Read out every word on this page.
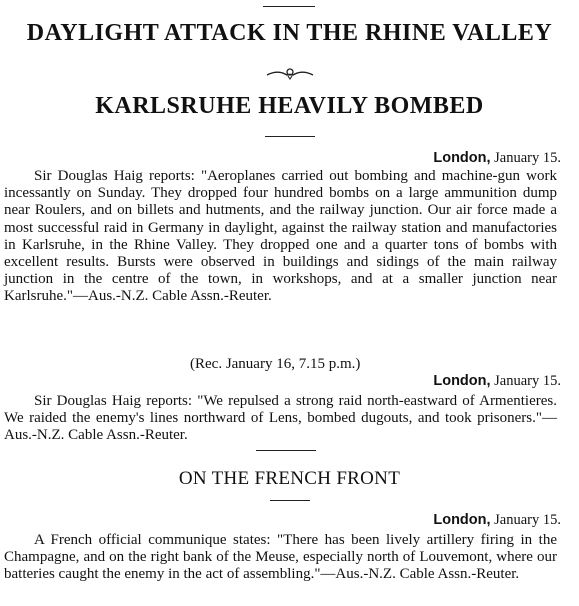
DAYLIGHT ATTACK IN THE RHINE VALLEY
KARLSRUHE HEAVILY BOMBED
London, January 15.
Sir Douglas Haig reports: "Aeroplanes carried out bombing and machine-gun work incessantly on Sunday. They dropped four hundred bombs on a large ammunition dump near Roulers, and on billets and hutments, and the railway junction. Our air force made a most successful raid in Germany in daylight, against the railway station and manufactories in Karlsruhe, in the Rhine Valley. They dropped one and a quarter tons of bombs with excellent results. Bursts were observed in buildings and sidings of the main railway junction in the centre of the town, in workshops, and at a smaller junction near Karlsruhe."—Aus.-N.Z. Cable Assn.-Reuter.
(Rec. January 16, 7.15 p.m.)
London, January 15.
Sir Douglas Haig reports: "We repulsed a strong raid north-eastward of Armentieres. We raided the enemy's lines northward of Lens, bombed dugouts, and took prisoners."—Aus.-N.Z. Cable Assn.-Reuter.
ON THE FRENCH FRONT
London, January 15.
A French official communique states: "There has been lively artillery firing in the Champagne, and on the right bank of the Meuse, especially north of Louvemont, where our batteries caught the enemy in the act of assembling."—Aus.-N.Z. Cable Assn.-Reuter.
